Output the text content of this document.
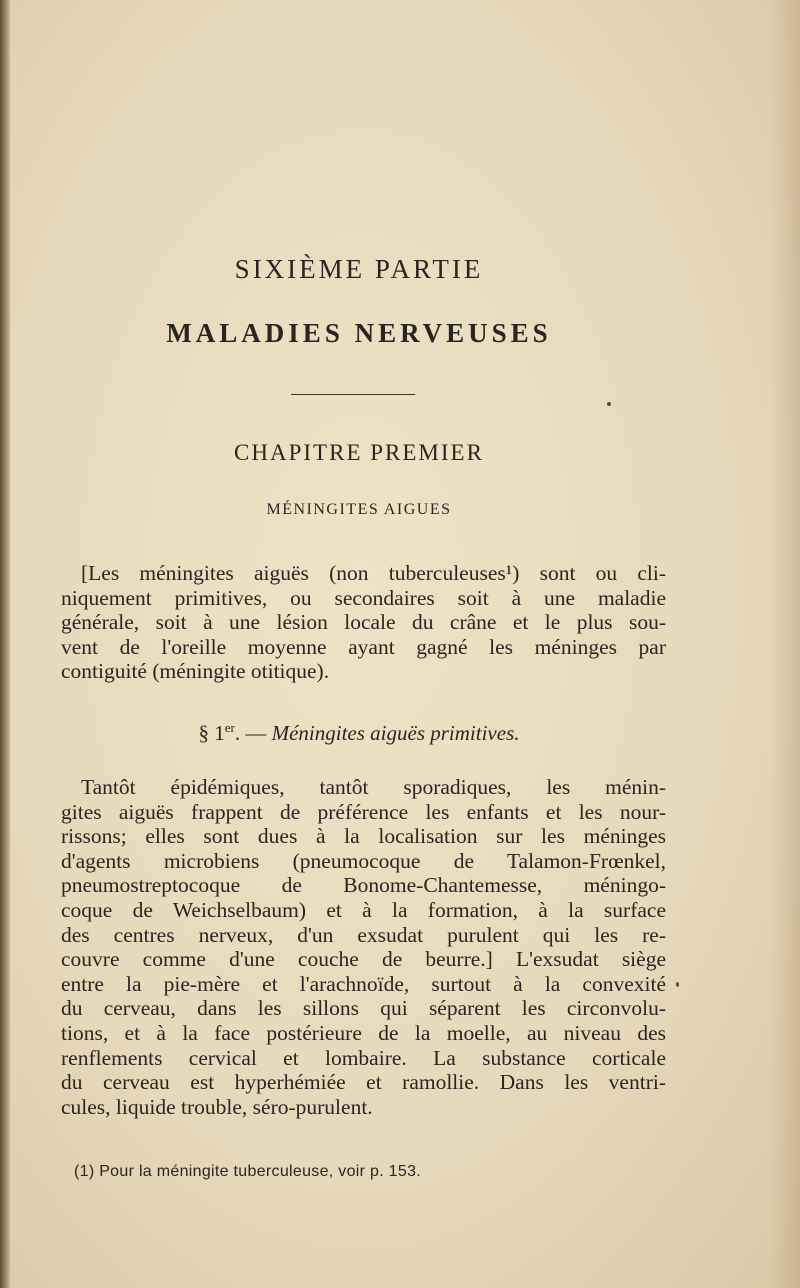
SIXIÈME PARTIE
MALADIES NERVEUSES
CHAPITRE PREMIER
MÉNINGITES AIGUES
[Les méningites aiguës (non tuberculeuses¹) sont ou cli-
niquement primitives, ou secondaires soit à une maladie
générale, soit à une lésion locale du crâne et le plus sou-
vent de l'oreille moyenne ayant gagné les méninges par
contiguité (méningite otitique).
§ 1er. — Méningites aiguës primitives.
Tantôt épidémiques, tantôt sporadiques, les ménin-
gites aiguës frappent de préférence les enfants et les nour-
rissons; elles sont dues à la localisation sur les méninges
d'agents microbiens (pneumocoque de Talamon-Frœnkel,
pneumostreptocoque de Bonome-Chantemesse, méningo-
coque de Weichselbaum) et à la formation, à la surface
des centres nerveux, d'un exsudat purulent qui les re-
couvre comme d'une couche de beurre.] L'exsudat siège
entre la pie-mère et l'arachnoïde, surtout à la convexité
du cerveau, dans les sillons qui séparent les circonvolu-
tions, et à la face postérieure de la moelle, au niveau des
renflements cervical et lombaire. La substance corticale
du cerveau est hyperhémiée et ramollie. Dans les ventri-
cules, liquide trouble, séro-purulent.
(1) Pour la méningite tuberculeuse, voir p. 153.
